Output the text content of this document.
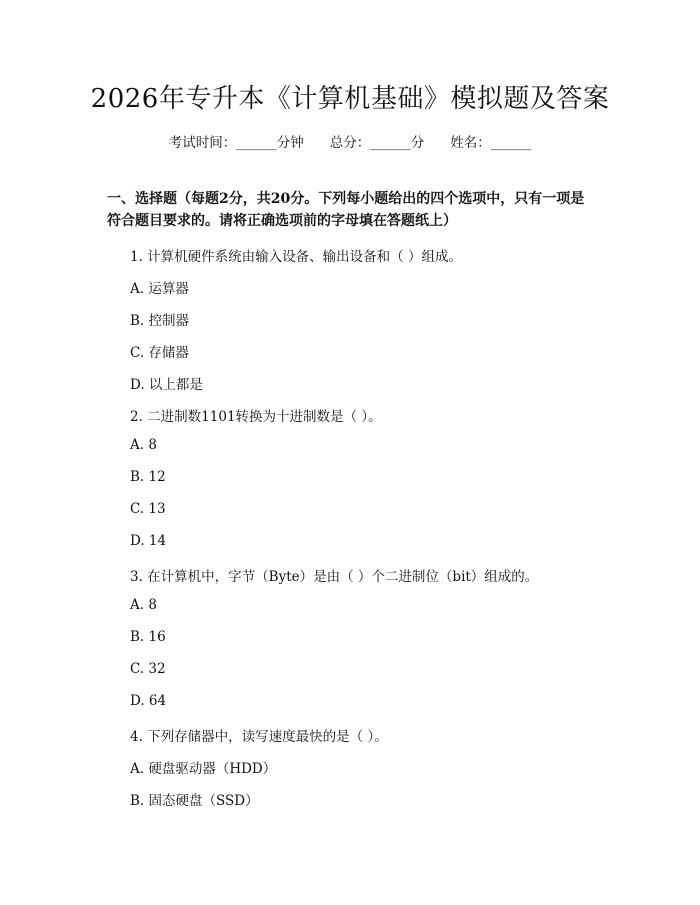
2026年专升本《计算机基础》模拟题及答案
考试时间：______分钟 总分：______分 姓名：______
一、选择题（每题2分，共20分。下列每小题给出的四个选项中，只有一项是符合题目要求的。请将正确选项前的字母填在答题纸上）
1. 计算机硬件系统由输入设备、输出设备和（ ）组成。
A. 运算器
B. 控制器
C. 存储器
D. 以上都是
2. 二进制数1101转换为十进制数是（ ）。
A. 8
B. 12
C. 13
D. 14
3. 在计算机中，字节（Byte）是由（ ）个二进制位（bit）组成的。
A. 8
B. 16
C. 32
D. 64
4. 下列存储器中，读写速度最快的是（ ）。
A. 硬盘驱动器（HDD）
B. 固态硬盘（SSD）
